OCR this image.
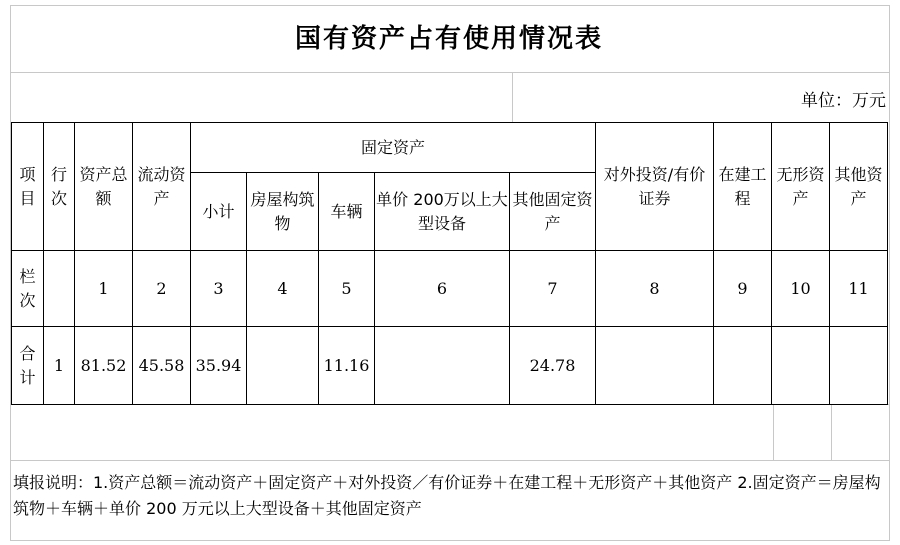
国有资产占有使用情况表
单位：万元
项目	行次	资产总额	流动资产	固定资产					对外投资/有价证券	在建工程	无形资产	其他资产
				小计	房屋构筑物	车辆	单价 200万以上大型设备	其他固定资产				
栏次		1	2	3	4	5	6	7	8	9	10	11
合计	1	81.52	45.58	35.94		11.16		24.78				
填报说明：1.资产总额＝流动资产＋固定资产＋对外投资／有价证券＋在建工程＋无形资产＋其他资产 2.固定资产＝房屋构筑物＋车辆＋单价 200 万元以上大型设备＋其他固定资产
